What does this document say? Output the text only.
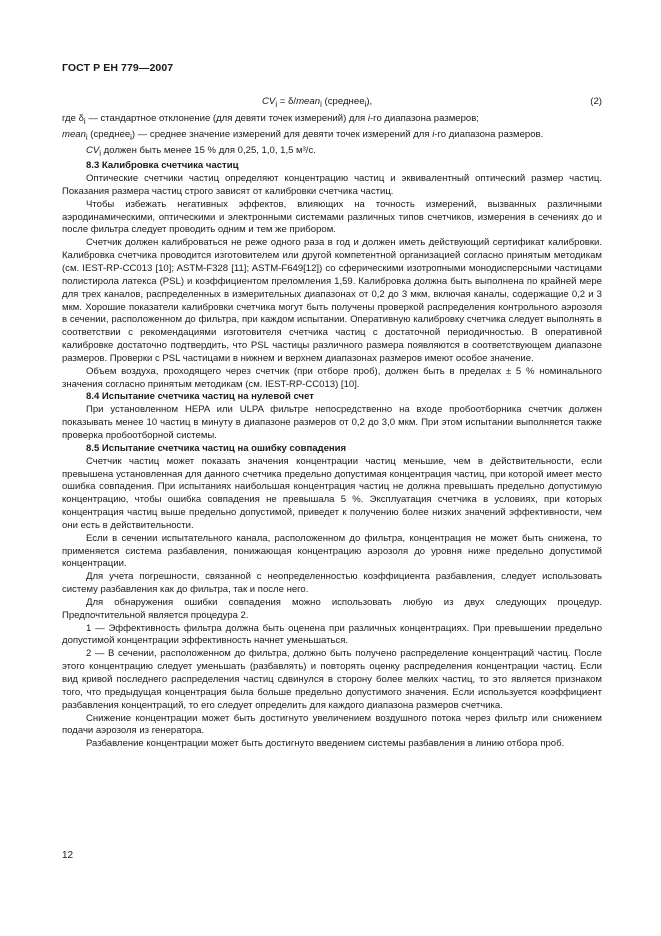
ГОСТ Р ЕН 779—2007
$CV_i$ = δ/mean$_i$ (среднее$_i$),	(2)

где $\delta_i$ — стандартное отклонение (для девяти точек измерений) для i-го диапазона размеров;

mean$_i$ (среднее$_i$) — среднее значение измерений для девяти точек измерений для i-го диапазона размеров.

$CV_i$ должен быть менее 15 % для 0,25, 1,0, 1,5 м³/с.

8.3 Калибровка счетчика частиц

Оптические счетчики частиц определяют концентрацию частиц и эквивалентный оптический размер частиц. Показания размера частиц строго зависят от калибровки счетчика частиц.

Чтобы избежать негативных эффектов, влияющих на точность измерений, вызванных различными аэродинамическими, оптическими и электронными системами различных типов счетчиков, измерения в сечениях до и после фильтра следует проводить одним и тем же прибором.

Счетчик должен калиброваться не реже одного раза в год и должен иметь действующий сертификат калибровки. Калибровка счетчика проводится изготовителем или другой компетентной организацией согласно принятым методикам (см. IEST-RP-CC013 [10]; ASTM-F328 [11]; ASTM-F649[12]) со сферическими изотропными монодисперсными частицами полистирола латекса (PSL) и коэффициентом преломления 1,59. Калибровка должна быть выполнена по крайней мере для трех каналов, распределенных в измерительных диапазонах от 0,2 до 3 мкм, включая каналы, содержащие 0,2 и 3 мкм. Хорошие показатели калибровки счетчика могут быть получены проверкой распределения контрольного аэрозоля в сечении, расположенном до фильтра, при каждом испытании. Оперативную калибровку счетчика следует выполнять в соответствии с рекомендациями изготовителя счетчика частиц с достаточной периодичностью. В оперативной калибровке достаточно подтвердить, что PSL частицы различного размера появляются в соответствующем диапазоне размеров. Проверки с PSL частицами в нижнем и верхнем диапазонах размеров имеют особое значение.

Объем воздуха, проходящего через счетчик (при отборе проб), должен быть в пределах ± 5 % номинального значения согласно принятым методикам (см. IEST-RP-CC013) [10].

8.4 Испытание счетчика частиц на нулевой счет

При установленном HEPA или ULPA фильтре непосредственно на входе пробоотборника счетчик должен показывать менее 10 частиц в минуту в диапазоне размеров от 0,2 до 3,0 мкм. При этом испытании выполняется также проверка пробоотборной системы.

8.5 Испытание счетчика частиц на ошибку совпадения

Счетчик частиц может показать значения концентрации частиц меньшие, чем в действительности, если превышена установленная для данного счетчика предельно допустимая концентрация частиц, при которой имеет место ошибка совпадения. При испытаниях наибольшая концентрация частиц не должна превышать предельно допустимую концентрацию, чтобы ошибка совпадения не превышала 5 %. Эксплуатация счетчика в условиях, при которых концентрация частиц выше предельно допустимой, приведет к получению более низких значений эффективности, чем они есть в действительности.

Если в сечении испытательного канала, расположенном до фильтра, концентрация не может быть снижена, то применяется система разбавления, понижающая концентрацию аэрозоля до уровня ниже предельно допустимой концентрации.

Для учета погрешности, связанной с неопределенностью коэффициента разбавления, следует использовать систему разбавления как до фильтра, так и после него.

Для обнаружения ошибки совпадения можно использовать любую из двух следующих процедур. Предпочтительной является процедура 2.

1 — Эффективность фильтра должна быть оценена при различных концентрациях. При превышении предельно допустимой концентрации эффективность начнет уменьшаться.

2 — В сечении, расположенном до фильтра, должно быть получено распределение концентраций частиц. После этого концентрацию следует уменьшать (разбавлять) и повторять оценку распределения концентрации частиц. Если вид кривой последнего распределения частиц сдвинулся в сторону более мелких частиц, то это является признаком того, что предыдущая концентрация была больше предельно допустимого значения. Если используется коэффициент разбавления концентраций, то его следует определить для каждого диапазона размеров счетчика.

Снижение концентрации может быть достигнуто увеличением воздушного потока через фильтр или снижением подачи аэрозоля из генератора.

Разбавление концентрации может быть достигнуто введением системы разбавления в линию отбора проб.

12
